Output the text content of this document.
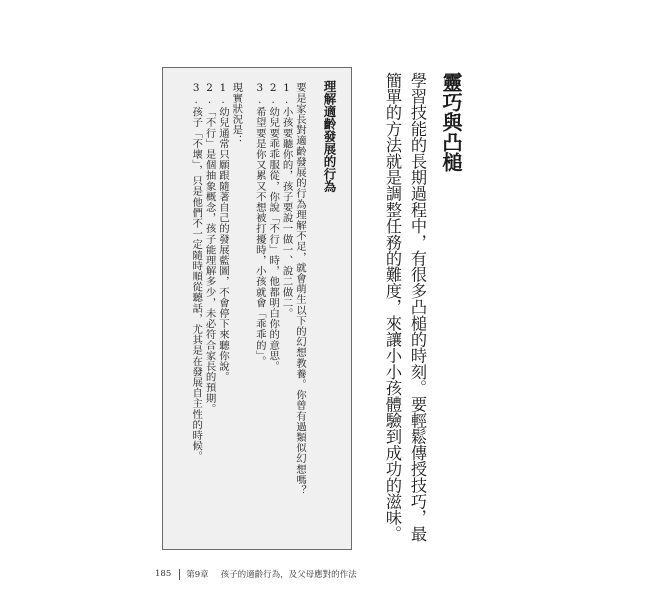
靈巧與凸槌
學習技能的長期過程中，有很多凸槌的時刻。要輕鬆傳授技巧，最簡單的方法就是調整任務的難度，來讓小小孩體驗到成功的滋味。
理解適齡發展的行為
要是家長對適齡發展的行為理解不足，就會萌生以下的幻想教養。你曾有過類似幻想嗎？
1.小孩要聽你的，孩子要說一做一、說二做二。
2.幼兒要乖乖服從，你說「不行」時，他都明白你的意思。
3.希望要是你又累又不想被打擾時，小孩就會「乖乖的」。
現實狀況是：
1.幼兒通常只願跟隨著自己的發展藍圖，不會停下來聽你說。
2.「不行」是個抽象概念，孩子能理解多少，未必符合家長的預期。
3.孩子「不壞」，只是他們不一定隨時順從聽話，尤其是在發展自主性的時候。
185 第9章 孩子的適齡行為，及父母應對的作法
